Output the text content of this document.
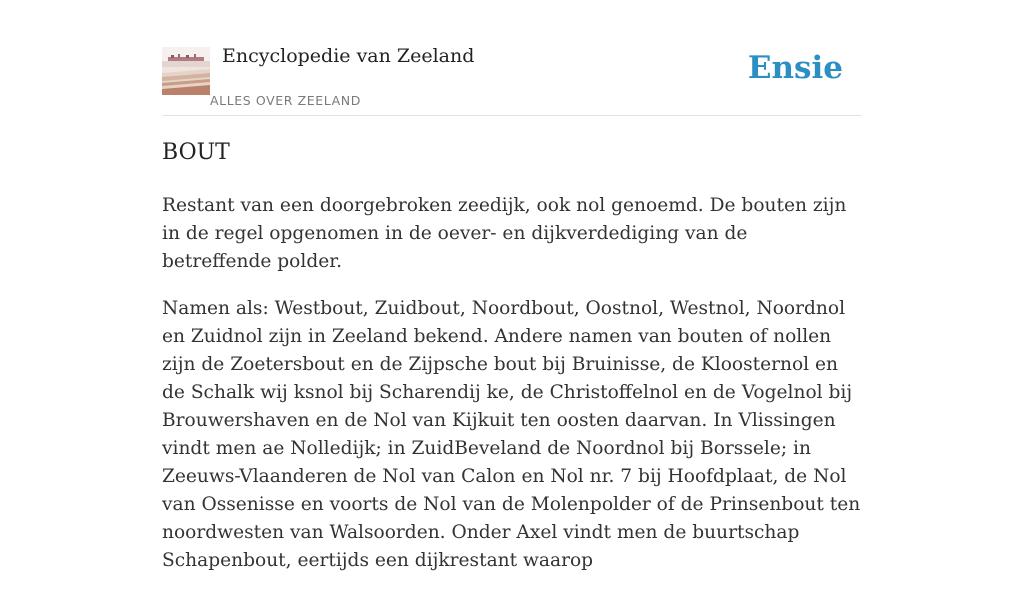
Encyclopedie van Zeeland
ALLES OVER ZEELAND
Ensie
BOUT

Restant van een doorgebroken zeedijk, ook nol genoemd. De bouten zijn in de regel opgenomen in de oever- en dijkverdediging van de betreffende polder.

Namen als: Westbout, Zuidbout, Noordbout, Oostnol, Westnol, Noordnol en Zuidnol zijn in Zeeland bekend. Andere namen van bouten of nollen zijn de Zoetersbout en de Zijpsche bout bij Bruinisse, de Kloosternol en de Schalk wij ksnol bij Scharendij ke, de Christoffelnol en de Vogelnol bij Brouwershaven en de Nol van Kijkuit ten oosten daarvan. In Vlissingen vindt men ae Nolledijk; in ZuidBeveland de Noordnol bij Borssele; in Zeeuws-Vlaanderen de Nol van Calon en Nol nr. 7 bij Hoofdplaat, de Nol van Ossenisse en voorts de Nol van de Molenpolder of de Prinsenbout ten noordwesten van Walsoorden. Onder Axel vindt men de buurtschap Schapenbout, eertijds een dijkrestant waarop
